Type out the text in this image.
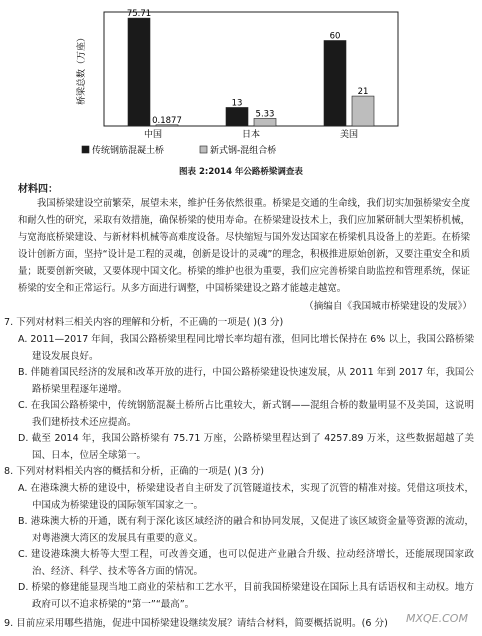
桥梁总数（万座）
75.71
0.1877
中国
13
5.33
日本
60
21
美国
传统钢筋混凝土桥	新式钢-混组合桥
图表 2:2014 年公路桥梁调查表
材料四：
我国桥梁建设空前繁荣，展望未来，维护任务依然很重。桥梁是交通的生命线，我们切实加强桥梁安全度和耐久性的研究，采取有效措施，确保桥梁的使用寿命。在桥梁建设技术上，我们应加紧研制大型架桥机械，与宽海底桥梁建设、与新材料机械等高难度设备。尽快缩短与国外发达国家在桥梁机具设备上的差距。在桥梁设计创新方面，坚持“设计是工程的灵魂，创新是设计的灵魂”的理念，积极推进原始创新，又要注重安全和质量；既要创新突破，又要体现中国文化。桥梁的维护也很为重要，我们应完善桥梁自助监控和管理系统，保证桥梁的安全和正常运行。从多方面进行调整，中国桥梁建设之路才能越走越宽。
（摘编自《我国城市桥梁建设的发展》）
7. 下列对材料三相关内容的理解和分析，不正确的一项是( )(3 分)
A. 2011—2017 年间，我国公路桥梁里程同比增长率均超有涨，但同比增长保持在 6% 以上，我国公路桥梁建设发展良好。
B. 伴随着国民经济的发展和改革开放的进行，中国公路桥梁建设快速发展，从 2011 年到 2017 年，我国公路桥梁里程逐年递增。
C. 在我国公路桥梁中，传统钢筋混凝土桥所占比重较大，新式钢——混组合桥的数量明显不及美国，这说明我们建桥技术还应提高。
D. 截至 2014 年，我国公路桥梁有 75.71 万座，公路桥梁里程达到了 4257.89 万米，这些数据超越了美国、日本，位居全球第一。
8. 下列对材料相关内容的概括和分析，正确的一项是( )(3 分)
A. 在港珠澳大桥的建设中，桥梁建设者自主研发了沉管隧道技术，实现了沉管的精准对接。凭借这项技术，中国成为桥梁建设的国际领军国家之一。
B. 港珠澳大桥的开通，既有利于深化该区域经济的融合和协同发展，又促进了该区域资金量等资源的流动，对粤港澳大湾区的发展具有重要的意义。
C. 建设港珠澳大桥等大型工程，可改善交通，也可以促进产业融合升级、拉动经济增长，还能展现国家政治、经济、科学、技术等各方面的情况。
D. 桥梁的修建能显现当地工商业的荣枯和工艺水平，目前我国桥梁建设在国际上具有话语权和主动权。地方政府可以不追求桥梁的“第一”“最高”。
9. 目前应采用哪些措施，促进中国桥梁建设继续发展？请结合材料，简要概括说明。(6 分)	MXQE.COM
